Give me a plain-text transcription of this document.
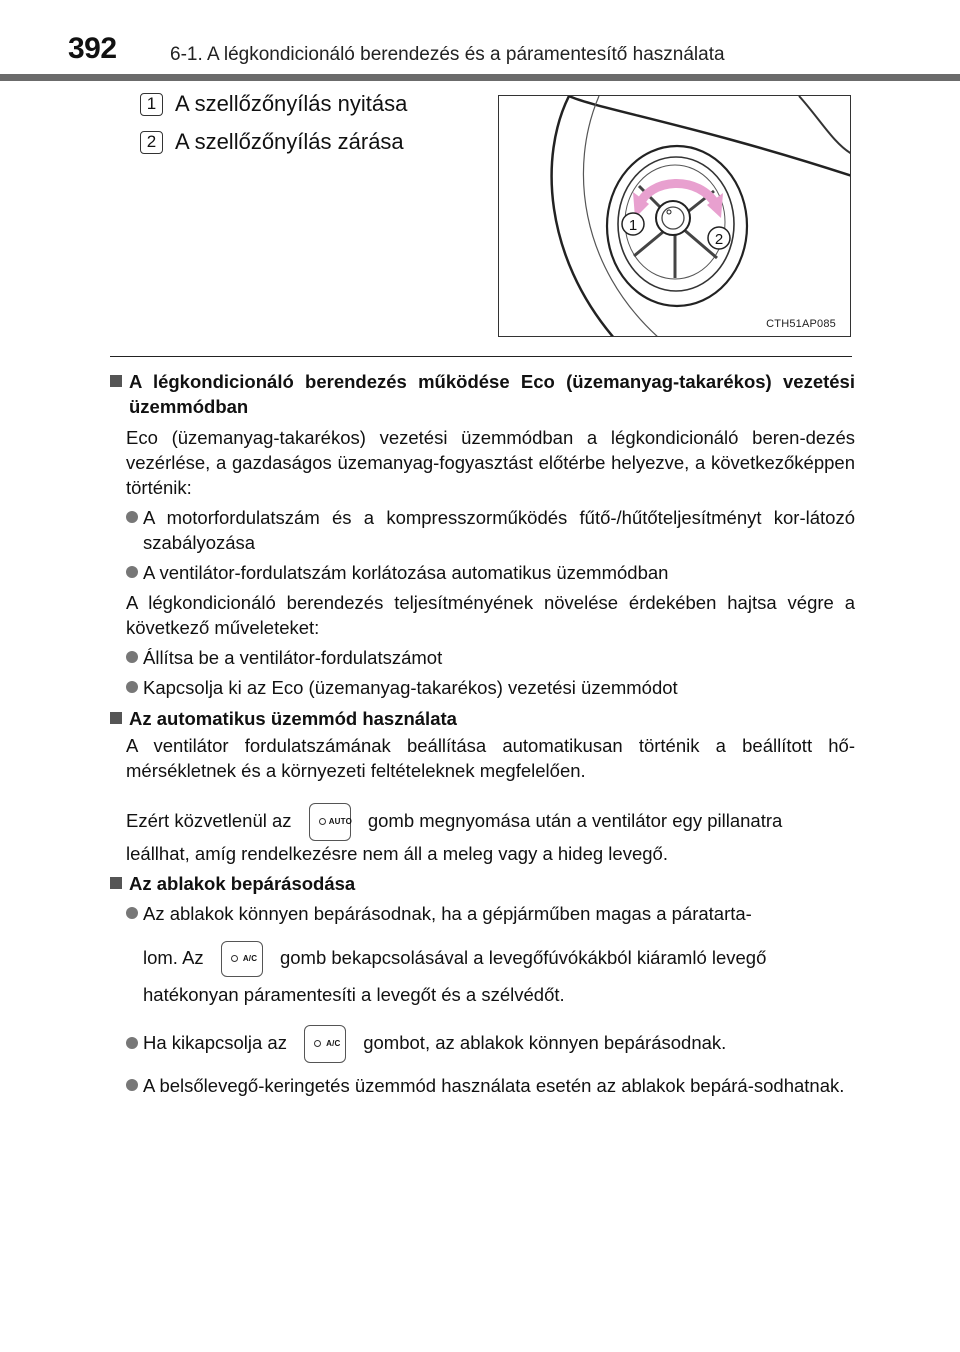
392	6-1. A légkondicionáló berendezés és a páramentesítő használata
1 A szellőzőnyílás nyitása
2 A szellőzőnyílás zárása
1
2
CTH51AP085
A légkondicionáló berendezés működése Eco (üzemanyag-takarékos) vezetési üzemmódban
Eco (üzemanyag-takarékos) vezetési üzemmódban a légkondicionáló beren-dezés vezérlése, a gazdaságos üzemanyag-fogyasztást előtérbe helyezve, a következőképpen történik:
A motorfordulatszám és a kompresszorműködés fűtő-/hűtőteljesítményt kor-látozó szabályozása
A ventilátor-fordulatszám korlátozása automatikus üzemmódban
A légkondicionáló berendezés teljesítményének növelése érdekében hajtsa végre a következő műveleteket:
Állítsa be a ventilátor-fordulatszámot
Kapcsolja ki az Eco (üzemanyag-takarékos) vezetési üzemmódot
Az automatikus üzemmód használata
A ventilátor fordulatszámának beállítása automatikusan történik a beállított hő-mérsékletnek és a környezeti feltételeknek megfelelően.
Ezért közvetlenül az	AUTO gomb megnyomása után a ventilátor egy pillanatra
leállhat, amíg rendelkezésre nem áll a meleg vagy a hideg levegő.
Az ablakok bepárásodása
Az ablakok könnyen bepárásodnak, ha a gépjárműben magas a páratarta-
lom. Az	A/C gomb bekapcsolásával a levegőfúvókákból kiáramló levegő
hatékonyan páramentesíti a levegőt és a szélvédőt.
Ha kikapcsolja az	A/C gombot, az ablakok könnyen bepárásodnak.
A belsőlevegő-keringetés üzemmód használata esetén az ablakok bepárá-sodhatnak.
